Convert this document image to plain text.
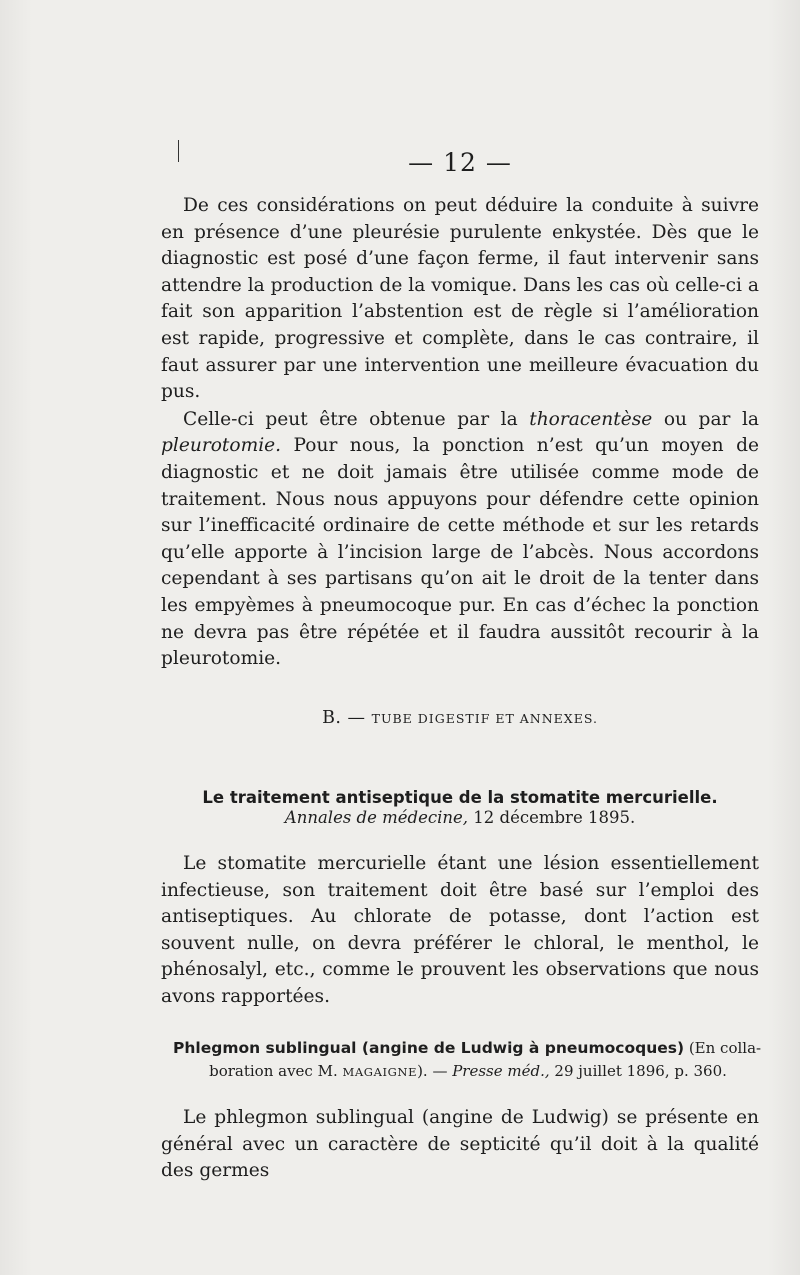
— 12 —

De ces considérations on peut déduire la conduite à suivre en présence d’une pleurésie purulente enkystée. Dès que le diagnostic est posé d’une façon ferme, il faut intervenir sans attendre la production de la vomique. Dans les cas où celle-ci a fait son apparition l’abstention est de règle si l’amélioration est rapide, progressive et complète, dans le cas contraire, il faut assurer par une intervention une meilleure évacuation du pus.

Celle-ci peut être obtenue par la thoracentèse ou par la pleurotomie. Pour nous, la ponction n’est qu’un moyen de diagnostic et ne doit jamais être utilisée comme mode de traitement. Nous nous appuyons pour défendre cette opinion sur l’inefficacité ordinaire de cette méthode et sur les retards qu’elle apporte à l’incision large de l’abcès. Nous accordons cependant à ses partisans qu’on ait le droit de la tenter dans les empyèmes à pneumocoque pur. En cas d’échec la ponction ne devra pas être répétée et il faudra aussitôt recourir à la pleurotomie.

B. — TUBE DIGESTIF ET ANNEXES.
Le traitement antiseptique de la stomatite mercurielle.
Annales de médecine, 12 décembre 1895.

Le stomatite mercurielle étant une lésion essentiellement infectieuse, son traitement doit être basé sur l’emploi des antiseptiques. Au chlorate de potasse, dont l’action est souvent nulle, on devra préférer le chloral, le menthol, le phénosalyl, etc., comme le prouvent les observations que nous avons rapportées.

Phlegmon sublingual (angine de Ludwig à pneumocoques) (En colla-
boration avec M. MAGAIGNE). — Presse méd., 29 juillet 1896, p. 360.

Le phlegmon sublingual (angine de Ludwig) se présente en général avec un caractère de septicité qu’il doit à la qualité des germes
